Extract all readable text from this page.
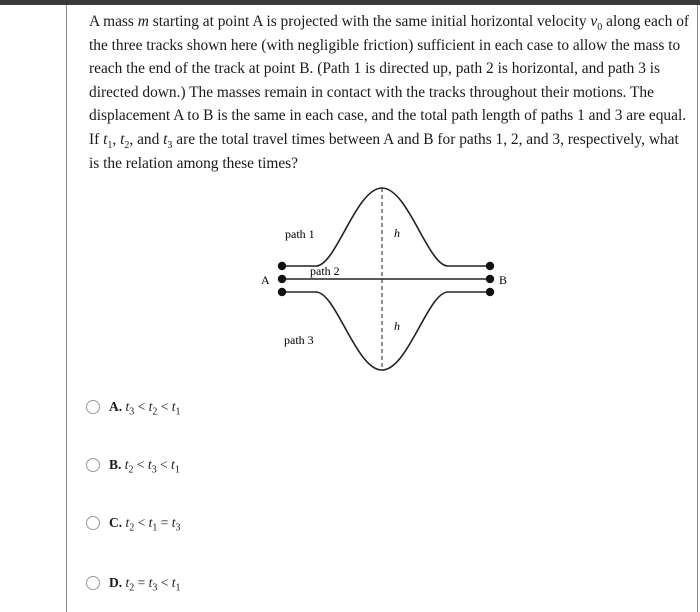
A mass m starting at point A is projected with the same initial horizontal velocity $v_0$ along each of the three tracks shown here (with negligible friction) sufficient in each case to allow the mass to reach the end of the track at point B. (Path 1 is directed up, path 2 is horizontal, and path 3 is directed down.) The masses remain in contact with the tracks throughout their motions. The displacement A to B is the same in each case, and the total path length of paths 1 and 3 are equal. If $t_1$, $t_2$, and $t_3$ are the total travel times between A and B for paths 1, 2, and 3, respectively, what is the relation among these times?

A	B
path 1
path 2
path 3
h
h
A. $t_3 < t_2 < t_1$
B. $t_2 < t_3 < t_1$
C. $t_2 < t_1 = t_3$
D. $t_2 = t_3 < t_1$
